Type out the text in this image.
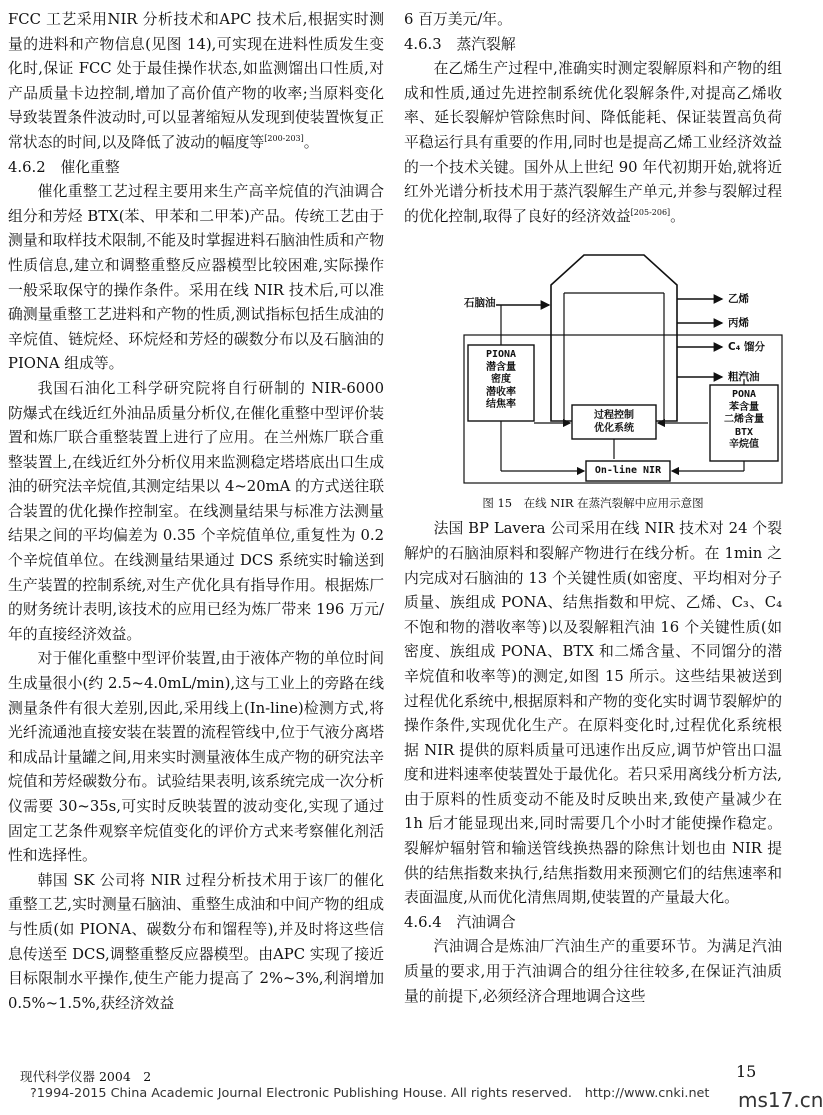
FCC 工艺采用NIR 分析技术和APC 技术后,根据实时测量的进料和产物信息(见图 14),可实现在进料性质发生变化时,保证 FCC 处于最佳操作状态,如监测馏出口性质,对产品质量卡边控制,增加了高价值产物的收率;当原料变化导致装置条件波动时,可以显著缩短从发现到使装置恢复正常状态的时间,以及降低了波动的幅度等[200-203]。

4.6.2　催化重整

催化重整工艺过程主要用来生产高辛烷值的汽油调合组分和芳烃 BTX(苯、甲苯和二甲苯)产品。传统工艺由于测量和取样技术限制,不能及时掌握进料石脑油性质和产物性质信息,建立和调整重整反应器模型比较困难,实际操作一般采取保守的操作条件。采用在线 NIR 技术后,可以准确测量重整工艺进料和产物的性质,测试指标包括生成油的辛烷值、链烷烃、环烷烃和芳烃的碳数分布以及石脑油的 PIONA 组成等。

我国石油化工科学研究院将自行研制的 NIR-6000 防爆式在线近红外油品质量分析仪,在催化重整中型评价装置和炼厂联合重整装置上进行了应用。在兰州炼厂联合重整装置上,在线近红外分析仪用来监测稳定塔塔底出口生成油的研究法辛烷值,其测定结果以 4~20mA 的方式送往联合装置的优化操作控制室。在线测量结果与标准方法测量结果之间的平均偏差为 0.35 个辛烷值单位,重复性为 0.2 个辛烷值单位。在线测量结果通过 DCS 系统实时输送到生产装置的控制系统,对生产优化具有指导作用。根据炼厂的财务统计表明,该技术的应用已经为炼厂带来 196 万元/年的直接经济效益。

对于催化重整中型评价装置,由于液体产物的单位时间生成量很小(约 2.5~4.0mL/min),这与工业上的旁路在线测量条件有很大差别,因此,采用线上(In-line)检测方式,将光纤流通池直接安装在装置的流程管线中,位于气液分离塔和成品计量罐之间,用来实时测量液体生成产物的研究法辛烷值和芳烃碳数分布。试验结果表明,该系统完成一次分析仪需要 30~35s,可实时反映装置的波动变化,实现了通过固定工艺条件观察辛烷值变化的评价方式来考察催化剂活性和选择性。

韩国 SK 公司将 NIR 过程分析技术用于该厂的催化重整工艺,实时测量石脑油、重整生成油和中间产物的组成与性质(如 PIONA、碳数分布和馏程等),并及时将这些信息传送至 DCS,调整重整反应器模型。由APC 实现了接近目标限制水平操作,使生产能力提高了 2%~3%,利润增加 0.5%~1.5%,获经济效益

6 百万美元/年。

4.6.3　蒸汽裂解

在乙烯生产过程中,准确实时测定裂解原料和产物的组成和性质,通过先进控制系统优化裂解条件,对提高乙烯收率、延长裂解炉管除焦时间、降低能耗、保证装置高负荷平稳运行具有重要的作用,同时也是提高乙烯工业经济效益的一个技术关键。国外从上世纪 90 年代初期开始,就将近红外光谱分析技术用于蒸汽裂解生产单元,并参与裂解过程的优化控制,取得了良好的经济效益[205-206]。

石脑油	乙烯
丙烯
C₄ 馏分
粗汽油
PIONA
潜含量
密度
潜收率
结焦率
过程控制
优化系统
PONA
苯含量
二烯含量
BTX
辛烷值
On-line NIR
图 15　在线 NIR 在蒸汽裂解中应用示意图

法国 BP Lavera 公司采用在线 NIR 技术对 24 个裂解炉的石脑油原料和裂解产物进行在线分析。在 1min 之内完成对石脑油的 13 个关键性质(如密度、平均相对分子质量、族组成 PONA、结焦指数和甲烷、乙烯、C₃、C₄ 不饱和物的潜收率等)以及裂解粗汽油 16 个关键性质(如密度、族组成 PONA、BTX 和二烯含量、不同馏分的潜辛烷值和收率等)的测定,如图 15 所示。这些结果被送到过程优化系统中,根据原料和产物的变化实时调节裂解炉的操作条件,实现优化生产。在原料变化时,过程优化系统根据 NIR 提供的原料质量可迅速作出反应,调节炉管出口温度和进料速率使装置处于最优化。若只采用离线分析方法,由于原料的性质变动不能及时反映出来,致使产量减少在 1h 后才能显现出来,同时需要几个小时才能使操作稳定。裂解炉辐射管和输送管线换热器的除焦计划也由 NIR 提供的结焦指数来执行,结焦指数用来预测它们的结焦速率和表面温度,从而优化清焦周期,使装置的产量最大化。

4.6.4　汽油调合

汽油调合是炼油厂汽油生产的重要环节。为满足汽油质量的要求,用于汽油调合的组分往往较多,在保证汽油质量的前提下,必须经济合理地调合这些

现代科学仪器 2004　2	15
?1994-2015 China Academic Journal Electronic Publishing House. All rights reserved.　http://www.cnki.net ms17.cn
